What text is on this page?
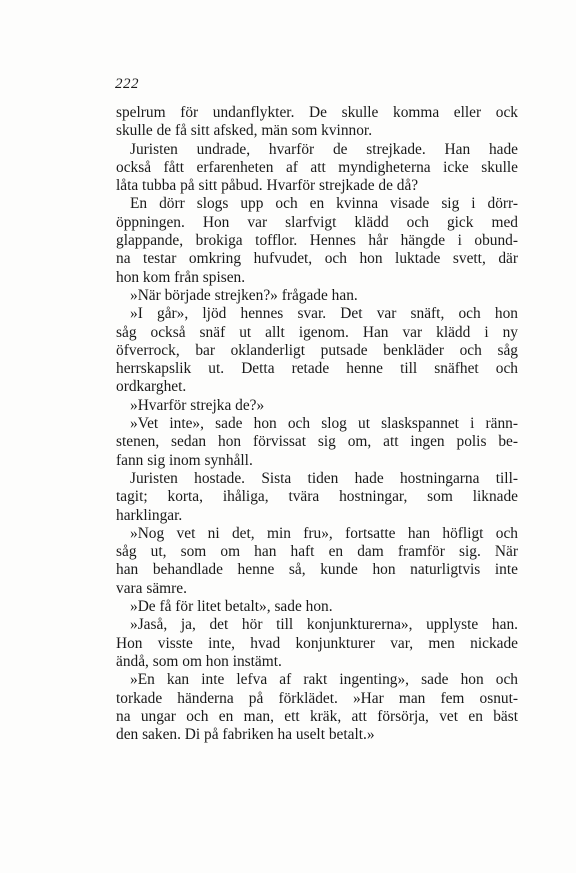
222
spelrum för undanflykter. De skulle komma eller ock
skulle de få sitt afsked, män som kvinnor.
Juristen undrade, hvarför de strejkade. Han hade
också fått erfarenheten af att myndigheterna icke skulle
låta tubba på sitt påbud. Hvarför strejkade de då?
En dörr slogs upp och en kvinna visade sig i dörr-
öppningen. Hon var slarfvigt klädd och gick med
glappande, brokiga tofflor. Hennes hår hängde i obund-
na testar omkring hufvudet, och hon luktade svett, där
hon kom från spisen.
»När började strejken?» frågade han.
»I går», ljöd hennes svar. Det var snäft, och hon
såg också snäf ut allt igenom. Han var klädd i ny
öfverrock, bar oklanderligt putsade benkläder och såg
herrskapslik ut. Detta retade henne till snäfhet och
ordkarghet.
»Hvarför strejka de?»
»Vet inte», sade hon och slog ut slaskspannet i ränn-
stenen, sedan hon förvissat sig om, att ingen polis be-
fann sig inom synhåll.
Juristen hostade. Sista tiden hade hostningarna till-
tagit; korta, ihåliga, tvära hostningar, som liknade
harklingar.
»Nog vet ni det, min fru», fortsatte han höfligt och
såg ut, som om han haft en dam framför sig. När
han behandlade henne så, kunde hon naturligtvis inte
vara sämre.
»De få för litet betalt», sade hon.
»Jaså, ja, det hör till konjunkturerna», upplyste han.
Hon visste inte, hvad konjunkturer var, men nickade
ändå, som om hon instämt.
»En kan inte lefva af rakt ingenting», sade hon och
torkade händerna på förklädet. »Har man fem osnut-
na ungar och en man, ett kräk, att försörja, vet en bäst
den saken. Di på fabriken ha uselt betalt.»
